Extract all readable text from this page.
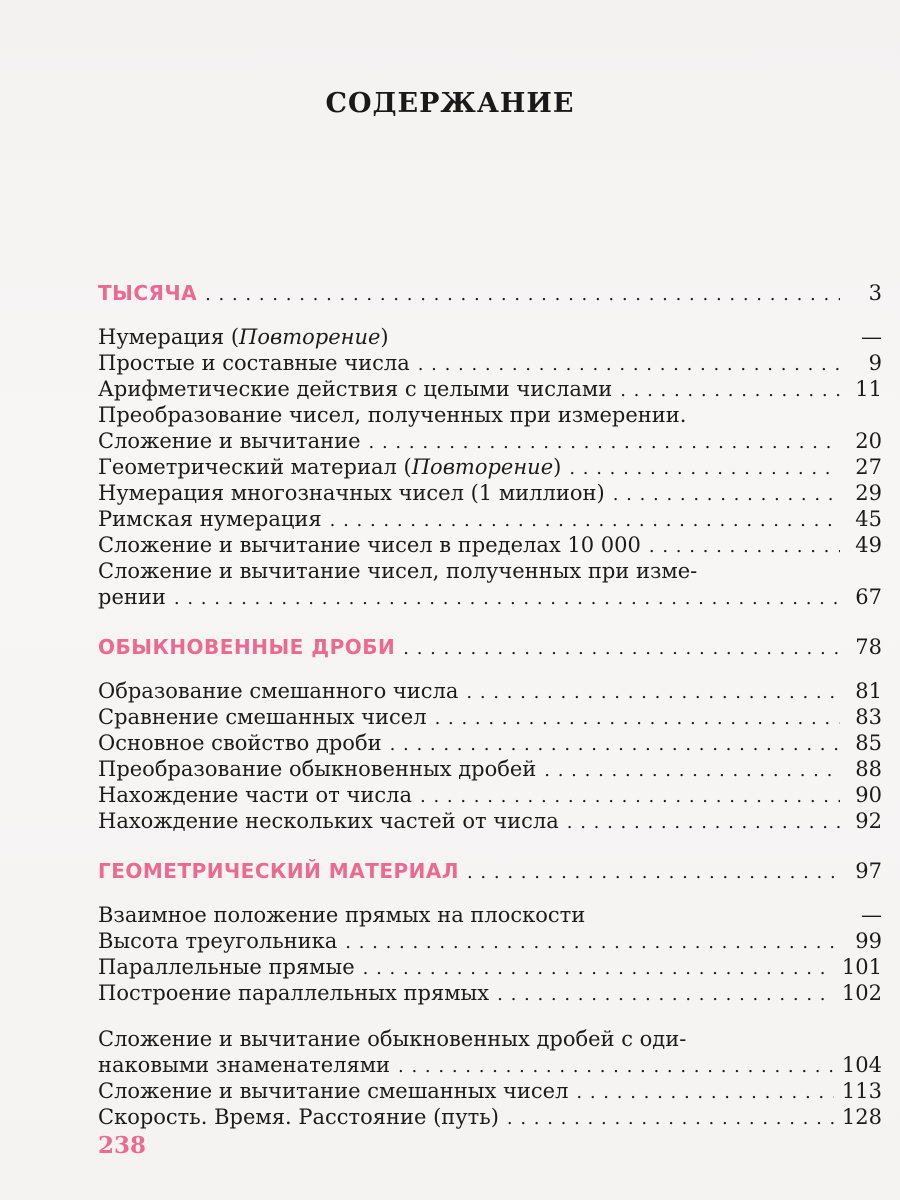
СОДЕРЖАНИЕ
ТЫСЯЧА . . .	3
Нумерация (Повторение)	—
Простые и составные числа . . .	9
Арифметические действия с целыми числами . . .	11
Преобразование чисел, полученных при измерении.
Сложение и вычитание . . .	20
Геометрический материал (Повторение) . . .	27
Нумерация многозначных чисел (1 миллион) . . .	29
Римская нумерация . . .	45
Сложение и вычитание чисел в пределах 10 000 . . .	49
Сложение и вычитание чисел, полученных при изме-
рении . . .	67
ОБЫКНОВЕННЫЕ ДРОБИ . . .	78
Образование смешанного числа . . .	81
Сравнение смешанных чисел . . .	83
Основное свойство дроби . . .	85
Преобразование обыкновенных дробей . . .	88
Нахождение части от числа . . .	90
Нахождение нескольких частей от числа . . .	92
ГЕОМЕТРИЧЕСКИЙ МАТЕРИАЛ . . .	97
Взаимное положение прямых на плоскости	—
Высота треугольника . . .	99
Параллельные прямые . . .	101
Построение параллельных прямых . . .	102
Сложение и вычитание обыкновенных дробей с оди-
наковыми знаменателями . . .	104
Сложение и вычитание смешанных чисел . . .	113
Скорость. Время. Расстояние (путь) . . .	128
238
